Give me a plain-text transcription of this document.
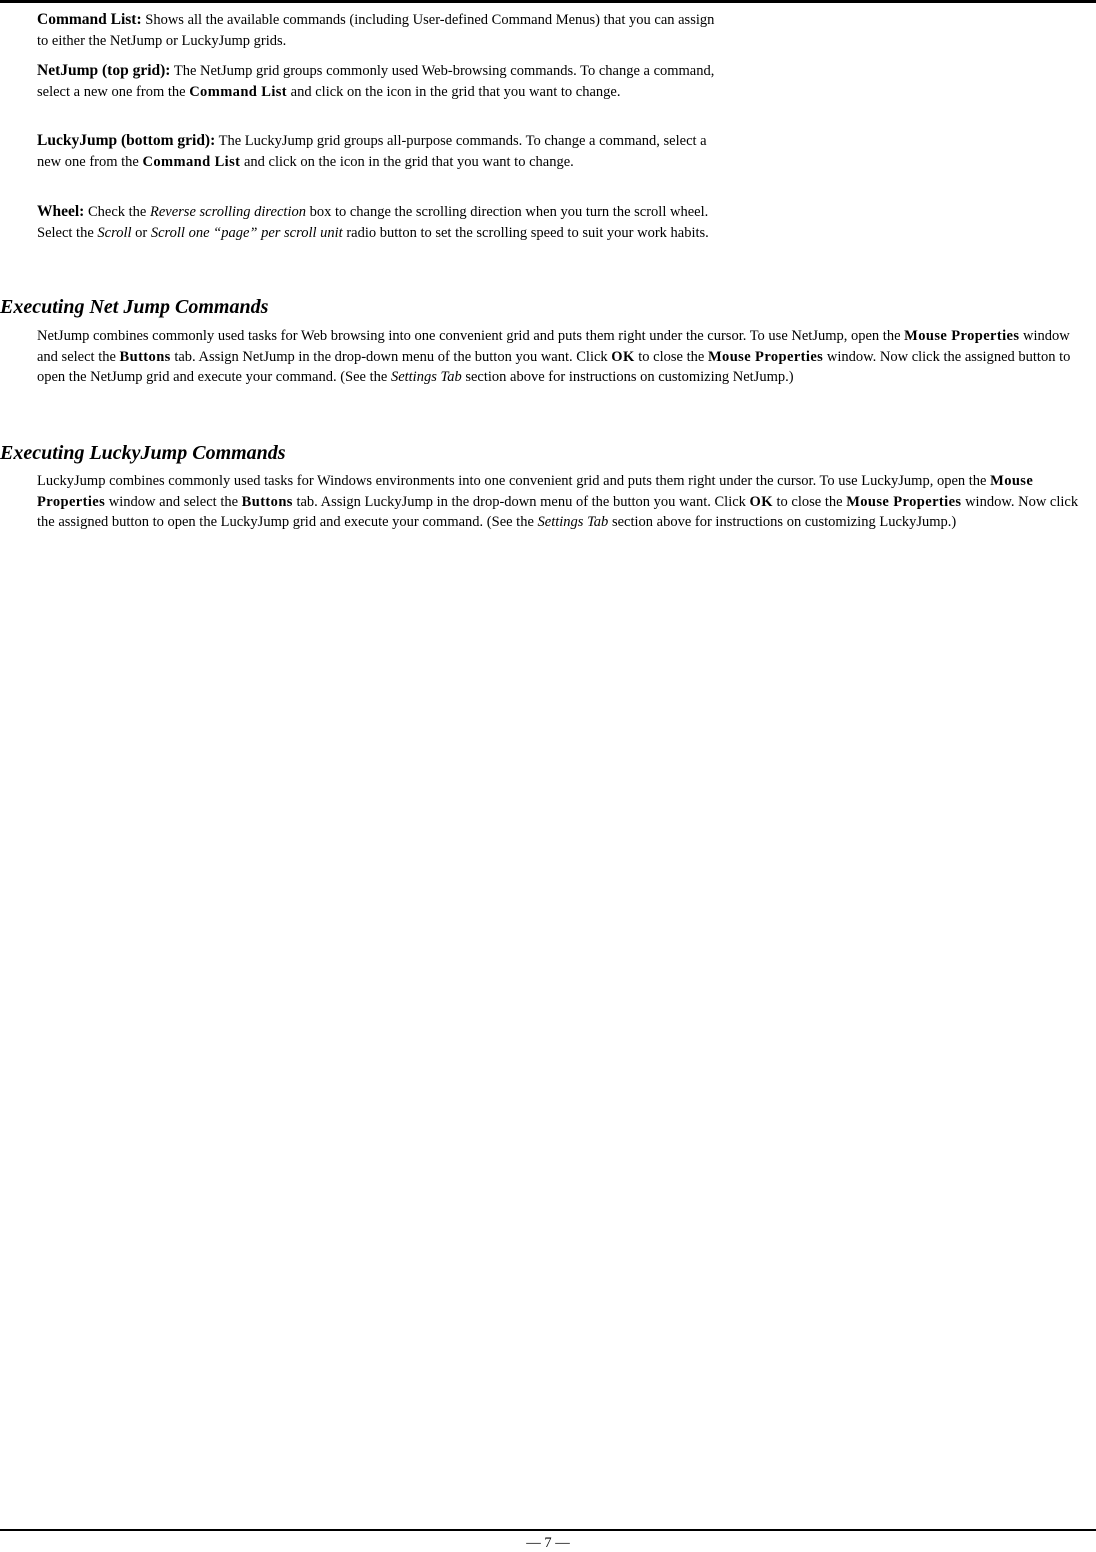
Command List: Shows all the available commands (including User-defined Command Menus) that you can assign to either the NetJump or LuckyJump grids.

NetJump (top grid): The NetJump grid groups commonly used Web-browsing commands. To change a command, select a new one from the Command List and click on the icon in the grid that you want to change.

LuckyJump (bottom grid): The LuckyJump grid groups all-purpose commands. To change a command, select a new one from the Command List and click on the icon in the grid that you want to change.

Wheel: Check the Reverse scrolling direction box to change the scrolling direction when you turn the scroll wheel. Select the Scroll or Scroll one “page” per scroll unit radio button to set the scrolling speed to suit your work habits.

Executing Net Jump Commands

NetJump combines commonly used tasks for Web browsing into one convenient grid and puts them right under the cursor. To use NetJump, open the Mouse Properties window and select the Buttons tab. Assign NetJump in the drop-down menu of the button you want. Click OK to close the Mouse Properties window. Now click the assigned button to open the NetJump grid and execute your command. (See the Settings Tab section above for instructions on customizing NetJump.)

Executing LuckyJump Commands

LuckyJump combines commonly used tasks for Windows environments into one convenient grid and puts them right under the cursor. To use LuckyJump, open the Mouse Properties window and select the Buttons tab. Assign LuckyJump in the drop-down menu of the button you want. Click OK to close the Mouse Properties window. Now click the assigned button to open the LuckyJump grid and execute your command. (See the Settings Tab section above for instructions on customizing LuckyJump.)

— 7 —
